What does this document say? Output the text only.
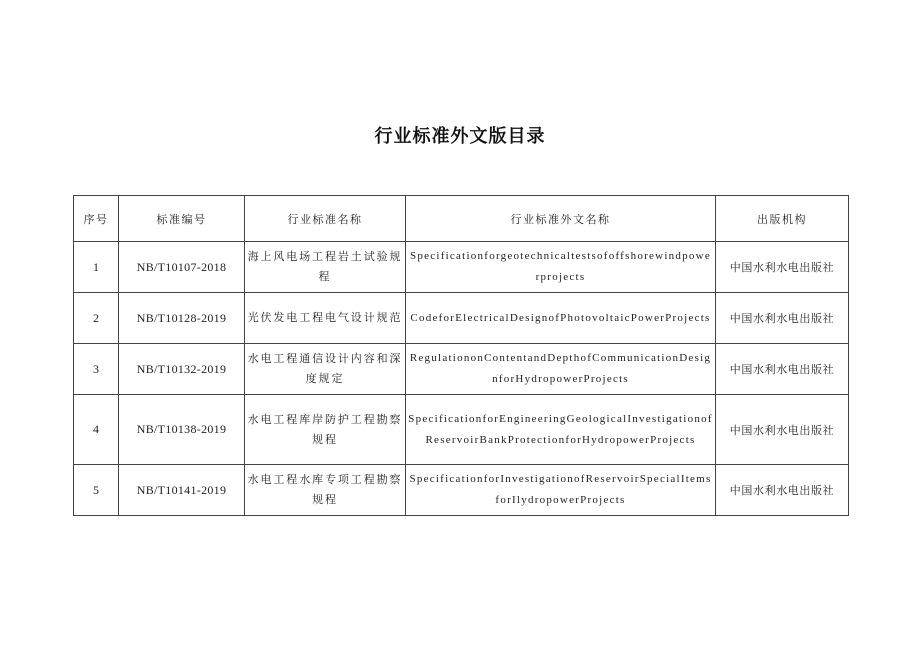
行业标准外文版目录
序号	标准编号	行业标准名称	行业标准外文名称	出版机构
1	NB/T10107-2018	海上风电场工程岩土试验规程	Specificationforgeotechnicaltestsofoffshorewindpowerprojects	中国水利水电出版社
2	NB/T10128-2019	光伏发电工程电气设计规范	CodeforElectricalDesignofPhotovoltaicPowerProjects	中国水利水电出版社
3	NB/T10132-2019	水电工程通信设计内容和深度规定	RegulationonContentandDepthofCommunicationDesignforHydropowerProjects	中国水利水电出版社
4	NB/T10138-2019	水电工程库岸防护工程勘察规程	SpecificationforEngineeringGeologicalInvestigationofReservoirBankProtectionforHydropowerProjects	中国水利水电出版社
5	NB/T10141-2019	水电工程水库专项工程勘察规程	SpecificationforInvestigationofReservoirSpecialItemsforIlydropowerProjects	中国水利水电出版社
